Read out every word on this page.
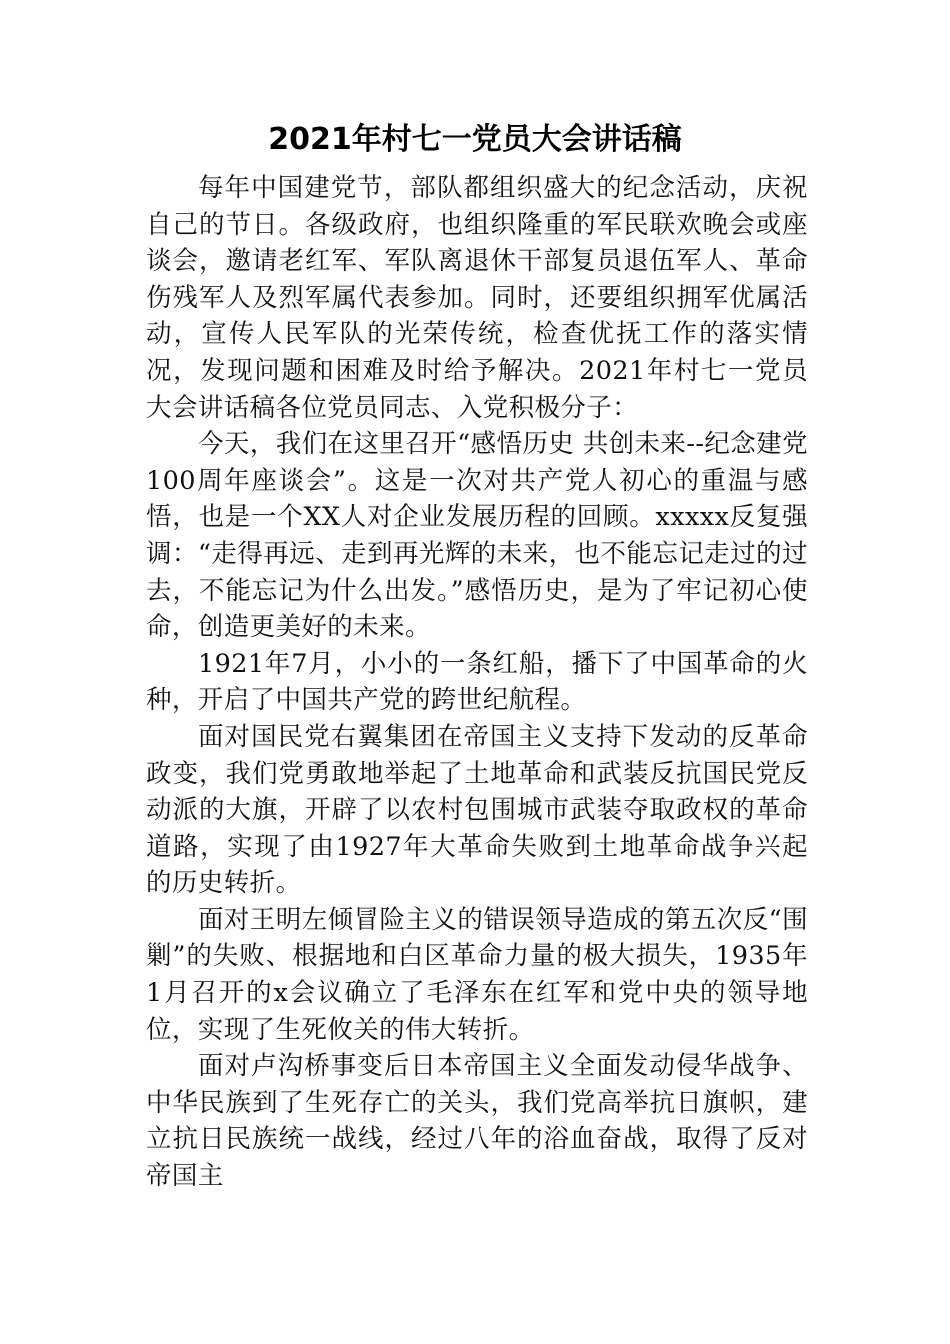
2021年村七一党员大会讲话稿

每年中国建党节，部队都组织盛大的纪念活动，庆祝自己的节日。各级政府，也组织隆重的军民联欢晚会或座谈会，邀请老红军、军队离退休干部复员退伍军人、革命伤残军人及烈军属代表参加。同时，还要组织拥军优属活动，宣传人民军队的光荣传统，检查优抚工作的落实情况，发现问题和困难及时给予解决。2021年村七一党员大会讲话稿各位党员同志、入党积极分子：

今天，我们在这里召开“感悟历史 共创未来--纪念建党100周年座谈会”。这是一次对共产党人初心的重温与感悟，也是一个XX人对企业发展历程的回顾。xxxxx反复强调：“走得再远、走到再光辉的未来，也不能忘记走过的过去，不能忘记为什么出发。”感悟历史，是为了牢记初心使命，创造更美好的未来。

1921年7月，小小的一条红船，播下了中国革命的火种，开启了中国共产党的跨世纪航程。

面对国民党右翼集团在帝国主义支持下发动的反革命政变，我们党勇敢地举起了土地革命和武装反抗国民党反动派的大旗，开辟了以农村包围城市武装夺取政权的革命道路，实现了由1927年大革命失败到土地革命战争兴起的历史转折。

面对王明左倾冒险主义的错误领导造成的第五次反“围剿”的失败、根据地和白区革命力量的极大损失，1935年1月召开的x会议确立了毛泽东在红军和党中央的领导地位，实现了生死攸关的伟大转折。

面对卢沟桥事变后日本帝国主义全面发动侵华战争、中华民族到了生死存亡的关头，我们党高举抗日旗帜，建立抗日民族统一战线，经过八年的浴血奋战，取得了反对帝国主
